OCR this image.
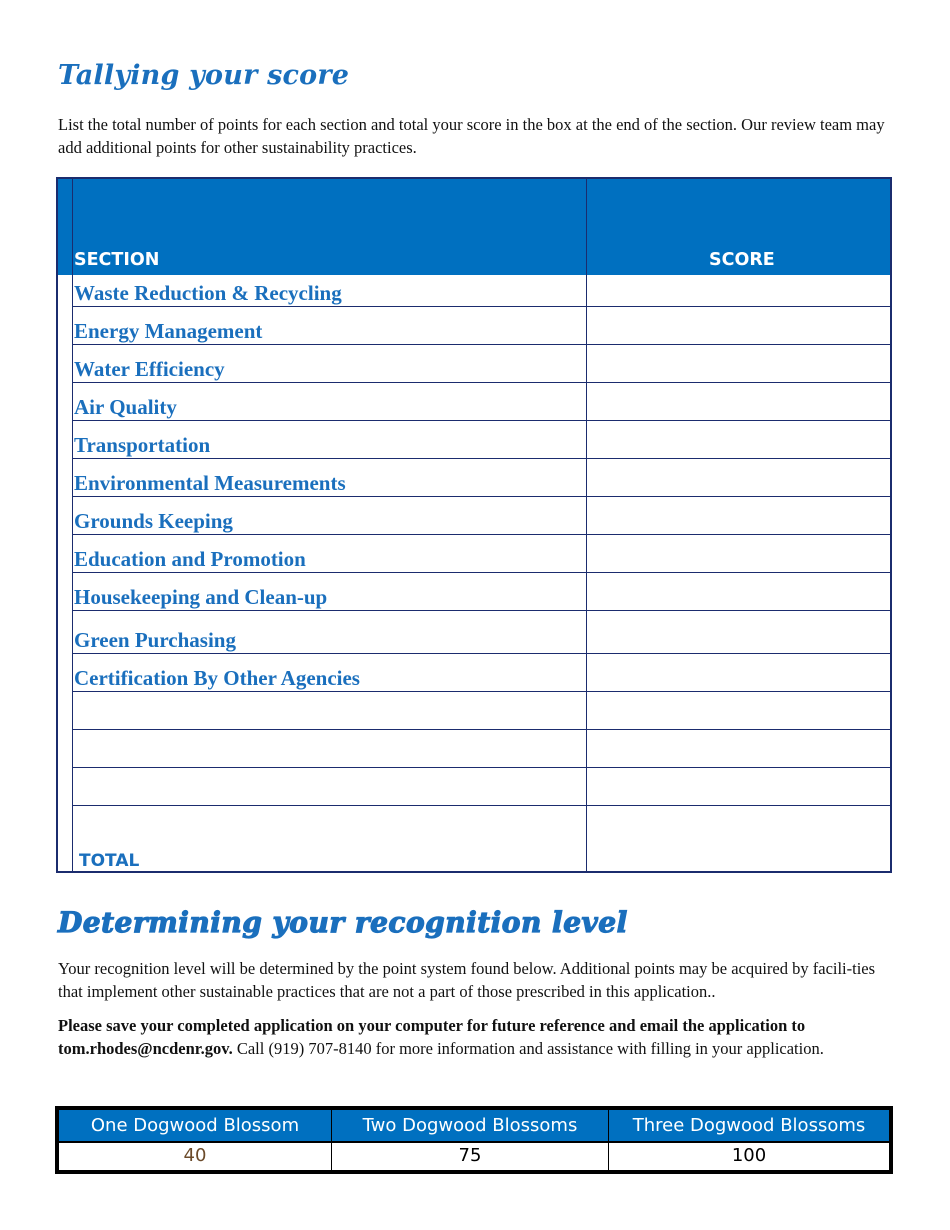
Tallying your score

List the total number of points for each section and total your score in the box at the end of the section. Our review team may add additional points for other sustainability practices.

SECTION	SCORE
Waste Reduction & Recycling
Energy Management
Water Efficiency
Air Quality
Transportation
Environmental Measurements
Grounds Keeping
Education and Promotion
Housekeeping and Clean-up
Green Purchasing
Certification By Other Agencies
TOTAL
Determining your recognition level

Your recognition level will be determined by the point system found below. Additional points may be acquired by facili-ties that implement other sustainable practices that are not a part of those prescribed in this application..

Please save your completed application on your computer for future reference and email the application to tom.rhodes@ncdenr.gov. Call (919) 707-8140 for more information and assistance with filling in your application.

One Dogwood Blossom	Two Dogwood Blossoms	Three Dogwood Blossoms
40	75	100
